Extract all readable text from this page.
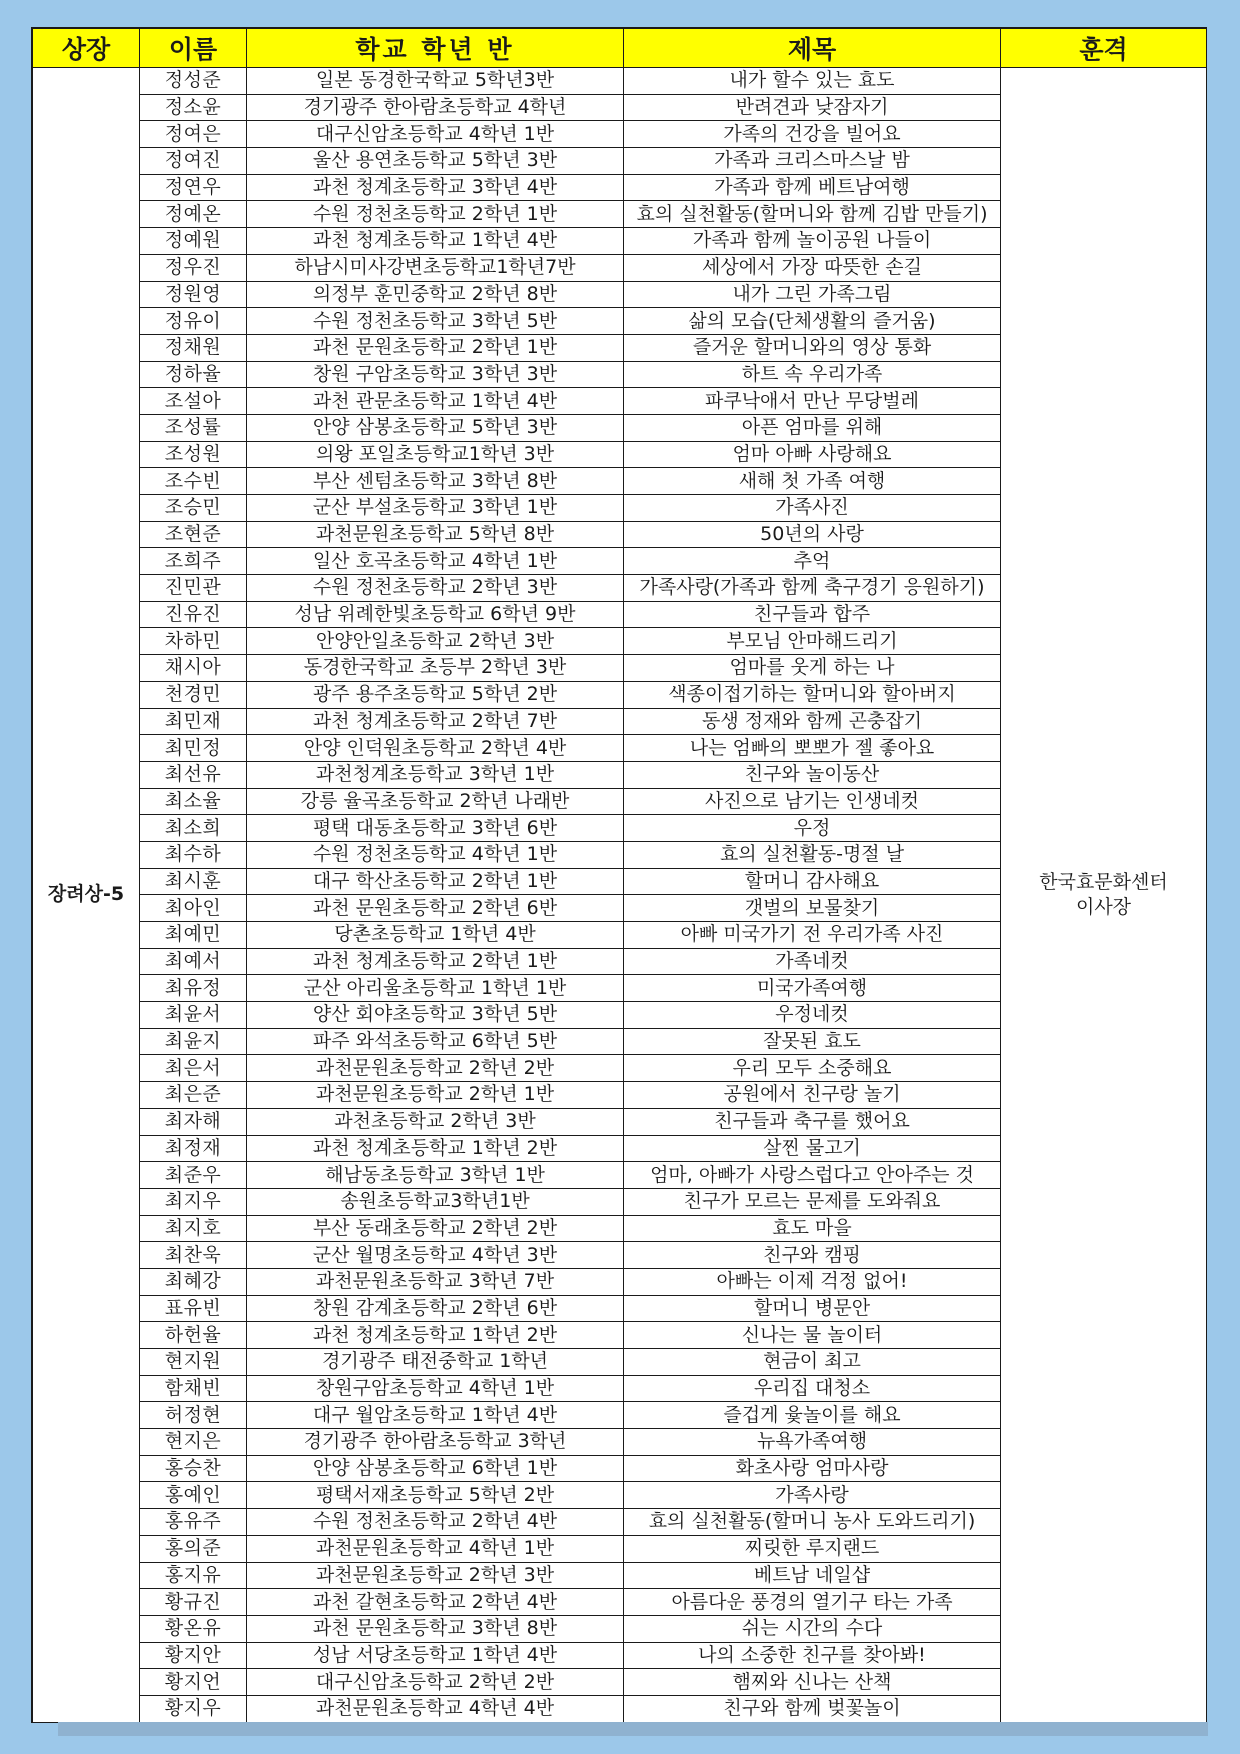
상장	이름	학교 학년 반	제목	훈격
장려상-5	정성준	일본 동경한국학교 5학년3반	내가 할수 있는 효도	한국효문화센터
이사장

	정소윤	경기광주 한아람초등학교 4학년	반려견과 낮잠자기	
	정여은	대구신암초등학교 4학년 1반	가족의 건강을 빌어요	
	정여진	울산 용연초등학교 5학년 3반	가족과 크리스마스날 밤	
	정연우	과천 청계초등학교 3학년 4반	가족과 함께 베트남여행	
	정예온	수원 정천초등학교 2학년 1반	효의 실천활동(할머니와 함께 김밥 만들기)	
	정예원	과천 청계초등학교 1학년 4반	가족과 함께 놀이공원 나들이	
	정우진	하남시미사강변초등학교1학년7반	세상에서 가장 따뜻한 손길	
	정원영	의정부 훈민중학교 2학년 8반	내가 그린 가족그림	
	정유이	수원 정천초등학교 3학년 5반	삶의 모습(단체생활의 즐거움)	
	정채원	과천 문원초등학교 2학년 1반	즐거운 할머니와의 영상 통화	
	정하율	창원 구암초등학교 3학년 3반	하트 속 우리가족	
	조설아	과천 관문초등학교 1학년 4반	파쿠낙애서 만난 무당벌레	
	조성률	안양 삼봉초등학교 5학년 3반	아픈 엄마를 위해	
	조성원	의왕 포일초등학교1학년 3반	엄마 아빠 사랑해요	
	조수빈	부산 센텀초등학교 3학년 8반	새해 첫 가족 여행	
	조승민	군산 부설초등학교 3학년 1반	가족사진	
	조현준	과천문원초등학교 5학년 8반	50년의 사랑	
	조희주	일산 호곡초등학교 4학년 1반	추억	
	진민관	수원 정천초등학교 2학년 3반	가족사랑(가족과 함께 축구경기 응원하기)	
	진유진	성남 위례한빛초등학교 6학년 9반	친구들과 합주	
	차하민	안양안일초등학교 2학년 3반	부모님 안마해드리기	
	채시아	동경한국학교 초등부 2학년 3반	엄마를 웃게 하는 나	
	천경민	광주 용주초등학교 5학년 2반	색종이접기하는 할머니와 할아버지	
	최민재	과천 청계초등학교 2학년 7반	동생 정재와 함께 곤충잡기	
	최민정	안양 인덕원초등학교 2학년 4반	나는 엄빠의 뽀뽀가 젤 좋아요	
	최선유	과천청계초등학교 3학년 1반	친구와 놀이동산	
	최소율	강릉 율곡초등학교 2학년 나래반	사진으로 남기는 인생네컷	
	최소희	평택 대동초등학교 3학년 6반	우정	
	최수하	수원 정천초등학교 4학년 1반	효의 실천활동-명절 날	
	최시훈	대구 학산초등학교 2학년 1반	할머니 감사해요	
	최아인	과천 문원초등학교 2학년 6반	갯벌의 보물찾기	
	최예민	당촌초등학교 1학년 4반	아빠 미국가기 전 우리가족 사진	
	최예서	과천 청계초등학교 2학년 1반	가족네컷	
	최유정	군산 아리울초등학교 1학년 1반	미국가족여행	
	최윤서	양산 회야초등학교 3학년 5반	우정네컷	
	최윤지	파주 와석초등학교 6학년 5반	잘못된 효도	
	최은서	과천문원초등학교 2학년 2반	우리 모두 소중해요	
	최은준	과천문원초등학교 2학년 1반	공원에서 친구랑 놀기	
	최자해	과천초등학교 2학년 3반	친구들과 축구를 했어요	
	최정재	과천 청계초등학교 1학년 2반	살찐 물고기	
	최준우	해남동초등학교 3학년 1반	엄마, 아빠가 사랑스럽다고 안아주는 것	
	최지우	송원초등학교3학년1반	친구가 모르는 문제를 도와줘요	
	최지호	부산 동래초등학교 2학년 2반	효도 마을	
	최찬욱	군산 월명초등학교 4학년 3반	친구와 캠핑	
	최혜강	과천문원초등학교 3학년 7반	아빠는 이제 걱정 없어!	
	표유빈	창원 감계초등학교 2학년 6반	할머니 병문안	
	하헌율	과천 청계초등학교 1학년 2반	신나는 물 놀이터	
	현지원	경기광주 태전중학교 1학년	현금이 최고	
	함채빈	창원구암초등학교 4학년 1반	우리집 대청소	
	허정현	대구 월암초등학교 1학년 4반	즐겁게 윷놀이를 해요	
	현지은	경기광주 한아람초등학교 3학년	뉴욕가족여행	
	홍승찬	안양 삼봉초등학교 6학년 1반	화초사랑 엄마사랑	
	홍예인	평택서재초등학교 5학년 2반	가족사랑	
	홍유주	수원 정천초등학교 2학년 4반	효의 실천활동(할머니 농사 도와드리기)	
	홍의준	과천문원초등학교 4학년 1반	찌릿한 루지랜드	
	홍지유	과천문원초등학교 2학년 3반	베트남 네일샵	
	황규진	과천 갈현초등학교 2학년 4반	아름다운 풍경의 열기구 타는 가족	
	황온유	과천 문원초등학교 3학년 8반	쉬는 시간의 수다	
	황지안	성남 서당초등학교 1학년 4반	나의 소중한 친구를 찾아봐!	
	황지언	대구신암초등학교 2학년 2반	햄찌와 신나는 산책	
	황지우	과천문원초등학교 4학년 4반	친구와 함께 벚꽃놀이	
